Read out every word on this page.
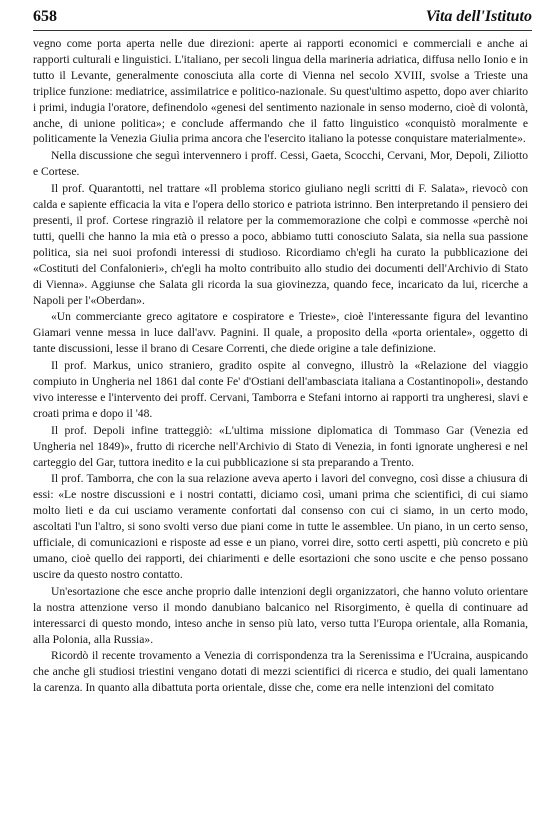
658	Vita dell'Istituto

vegno come porta aperta nelle due direzioni: aperte ai rapporti economici e commerciali e anche ai rapporti culturali e linguistici. L'italiano, per secoli lingua della marineria adriatica, diffusa nello Ionio e in tutto il Levante, generalmente conosciuta alla corte di Vienna nel secolo XVIII, svolse a Trieste una triplice funzione: mediatrice, assimilatrice e politico-nazionale. Su quest'ultimo aspetto, dopo aver chiarito i primi, indugia l'oratore, definendolo «genesi del sentimento nazionale in senso moderno, cioè di volontà, anche, di unione politica»; e conclude affermando che il fatto linguistico «conquistò moralmente e politicamente la Venezia Giulia prima ancora che l'esercito italiano la potesse conquistare materialmente».

Nella discussione che seguì intervennero i proff. Cessi, Gaeta, Scocchi, Cervani, Mor, Depoli, Ziliotto e Cortese.

Il prof. Quarantotti, nel trattare «Il problema storico giuliano negli scritti di F. Salata», rievocò con calda e sapiente efficacia la vita e l'opera dello storico e patriota istrinno. Ben interpretando il pensiero dei presenti, il prof. Cortese ringraziò il relatore per la commemorazione che colpì e commosse «perchè noi tutti, quelli che hanno la mia età o presso a poco, abbiamo tutti conosciuto Salata, sia nella sua passione politica, sia nei suoi profondi interessi di studioso. Ricordiamo ch'egli ha curato la pubblicazione dei «Costituti del Confalonieri», ch'egli ha molto contribuito allo studio dei documenti dell'Archivio di Stato di Vienna». Aggiunse che Salata gli ricorda la sua giovinezza, quando fece, incaricato da lui, ricerche a Napoli per l'«Oberdan».

«Un commerciante greco agitatore e cospiratore e Trieste», cioè l'interessante figura del levantino Giamari venne messa in luce dall'avv. Pagnini. Il quale, a proposito della «porta orientale», oggetto di tante discussioni, lesse il brano di Cesare Correnti, che diede origine a tale definizione.

Il prof. Markus, unico straniero, gradito ospite al convegno, illustrò la «Relazione del viaggio compiuto in Ungheria nel 1861 dal conte Fe' d'Ostiani dell'ambasciata italiana a Costantinopoli», destando vivo interesse e l'intervento dei proff. Cervani, Tamborra e Stefani intorno ai rapporti tra ungheresi, slavi e croati prima e dopo il '48.

Il prof. Depoli infine tratteggiò: «L'ultima missione diplomatica di Tommaso Gar (Venezia ed Ungheria nel 1849)», frutto di ricerche nell'Archivio di Stato di Venezia, in fonti ignorate ungheresi e nel carteggio del Gar, tuttora inedito e la cui pubblicazione si sta preparando a Trento.

Il prof. Tamborra, che con la sua relazione aveva aperto i lavori del convegno, così disse a chiusura di essi: «Le nostre discussioni e i nostri contatti, diciamo così, umani prima che scientifici, di cui siamo molto lieti e da cui usciamo veramente confortati dal consenso con cui ci siamo, in un certo modo, ascoltati l'un l'altro, si sono svolti verso due piani come in tutte le assemblee. Un piano, in un certo senso, ufficiale, di comunicazioni e risposte ad esse e un piano, vorrei dire, sotto certi aspetti, più concreto e più umano, cioè quello dei rapporti, dei chiarimenti e delle esortazioni che sono uscite e che penso possano uscire da questo nostro contatto.

Un'esortazione che esce anche proprio dalle intenzioni degli organizzatori, che hanno voluto orientare la nostra attenzione verso il mondo danubiano balcanico nel Risorgimento, è quella di continuare ad interessarci di questo mondo, inteso anche in senso più lato, verso tutta l'Europa orientale, alla Romania, alla Polonia, alla Russia».

Ricordò il recente trovamento a Venezia di corrispondenza tra la Serenissima e l'Ucraina, auspicando che anche gli studiosi triestini vengano dotati di mezzi scientifici di ricerca e studio, dei quali lamentano la carenza. In quanto alla dibattuta porta orientale, disse che, come era nelle intenzioni del comitato
